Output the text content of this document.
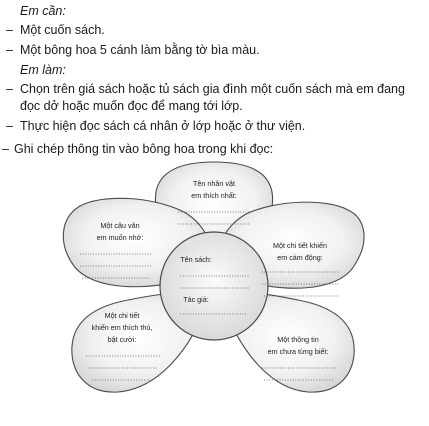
Em cần:
– Một cuốn sách.
– Một bông hoa 5 cánh làm bằng tờ bìa màu.
Em làm:
– Chọn trên giá sách hoặc tủ sách gia đình một cuốn sách mà em đang
đọc dở hoặc muốn đọc để mang tới lớp.
– Thực hiện đọc sách cá nhân ở lớp hoặc ở thư viện.
– Ghi chép thông tin vào bông hoa trong khi đọc:
Tên nhân vật
em thích nhất:
Một câu văn
em muốn nhớ:
Một chi tiết khiến
em cảm động:
Tên sách:
Tác giả:
Một chi tiết
khiến em thích thú,
bật cười:	Một thông tin
em chưa từng biết:
